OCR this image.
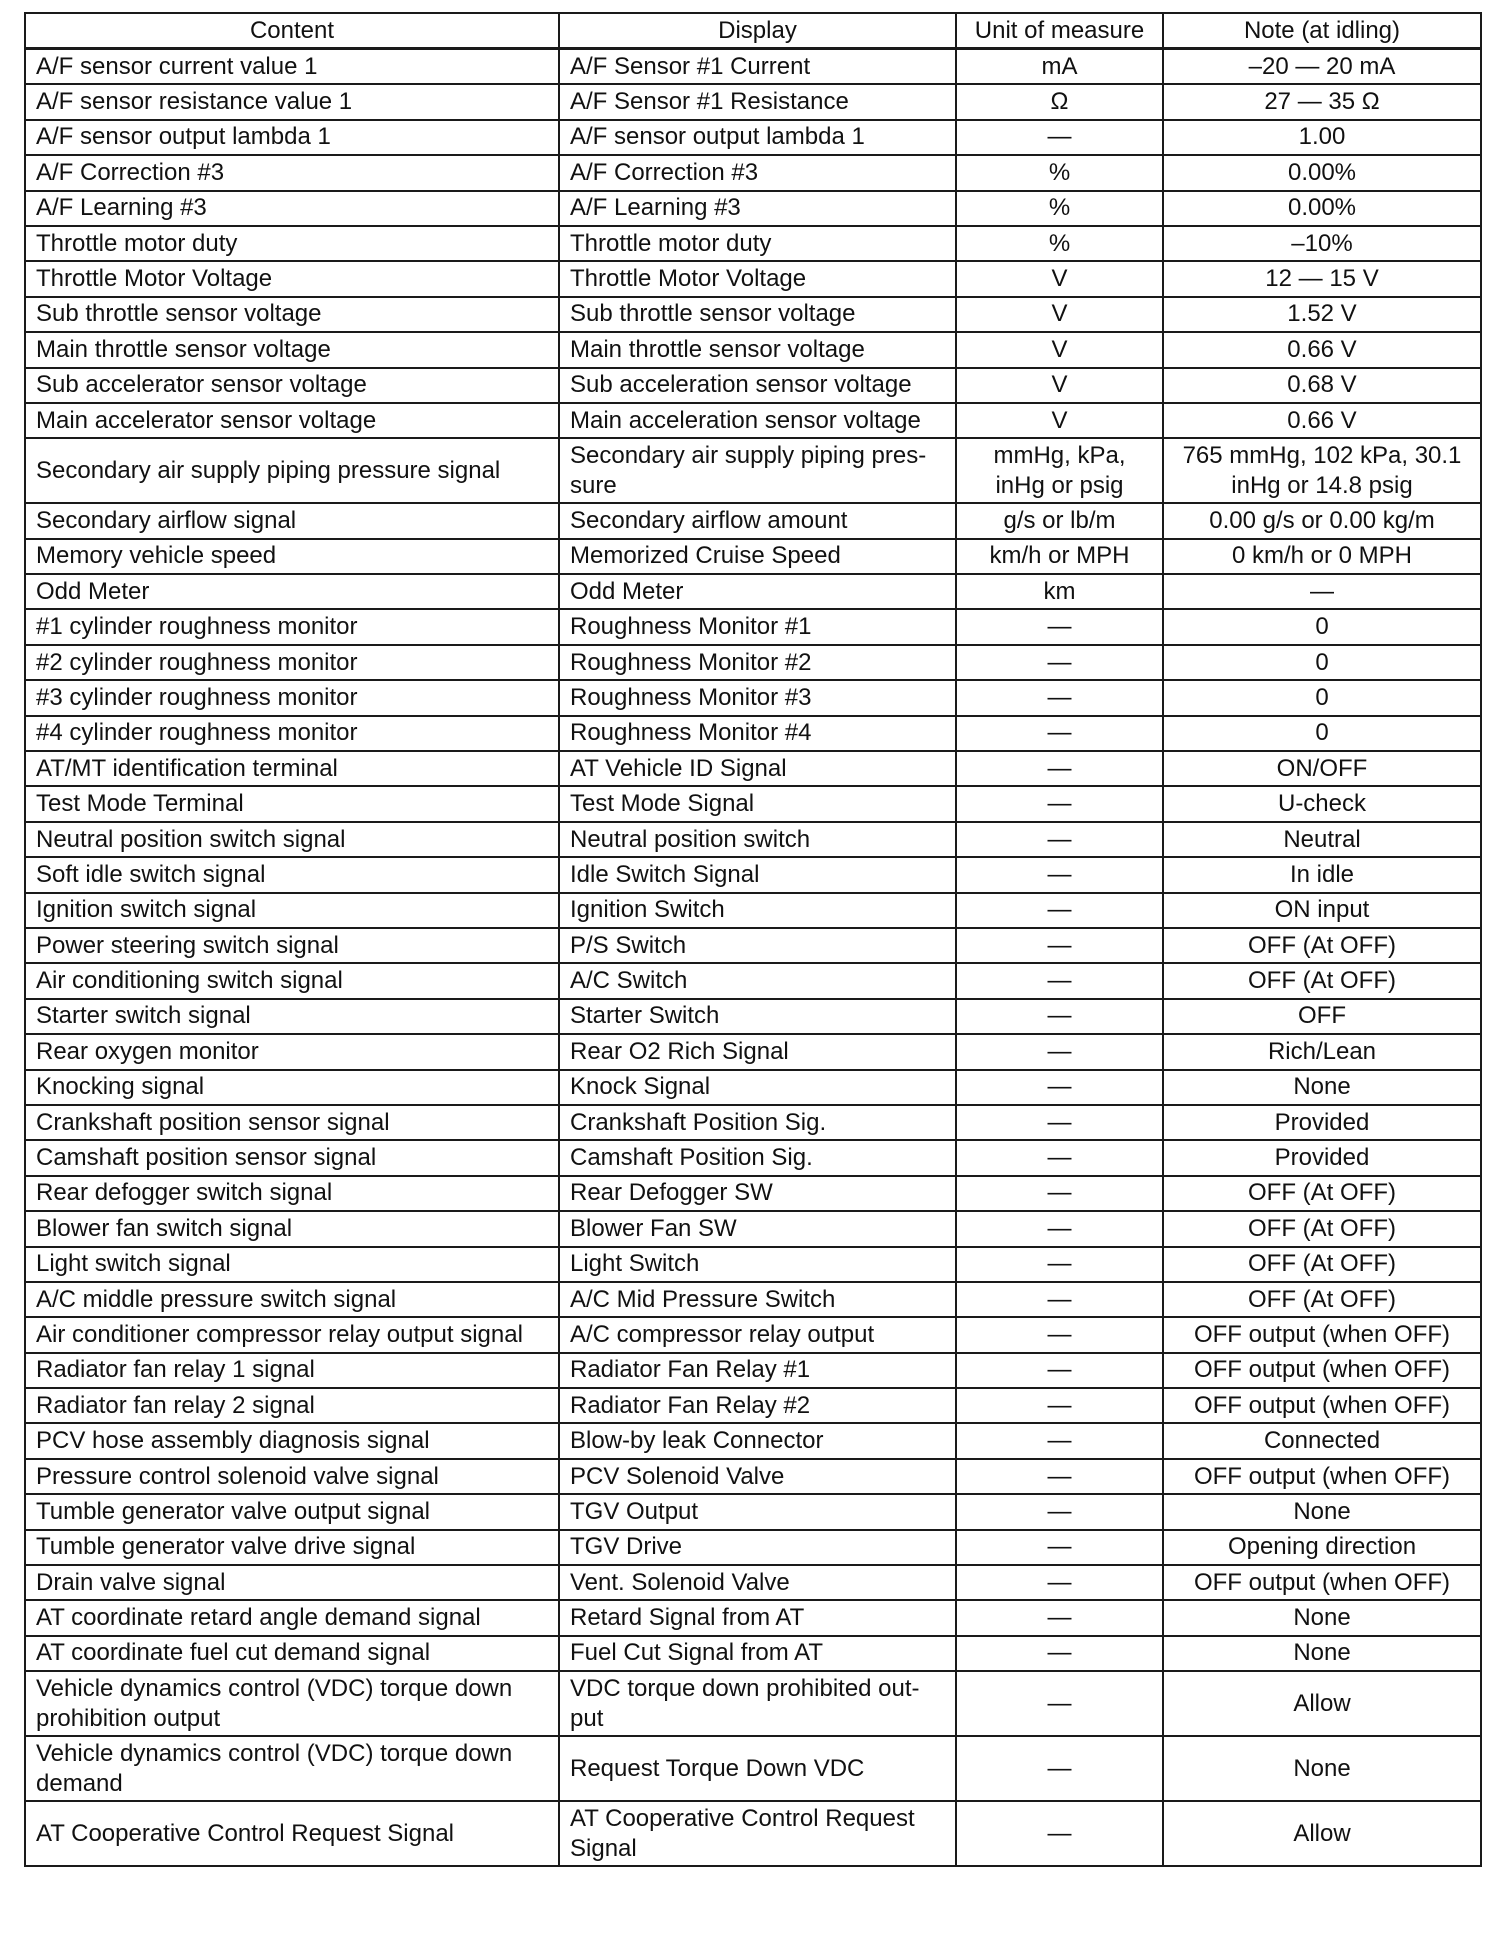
Content	Display	Unit of measure	Note (at idling)
A/F sensor current value 1	A/F Sensor #1 Current	mA	–20 — 20 mA
A/F sensor resistance value 1	A/F Sensor #1 Resistance	Ω	27 — 35 Ω
A/F sensor output lambda 1	A/F sensor output lambda 1	—	1.00
A/F Correction #3	A/F Correction #3	%	0.00%
A/F Learning #3	A/F Learning #3	%	0.00%
Throttle motor duty	Throttle motor duty	%	–10%
Throttle Motor Voltage	Throttle Motor Voltage	V	12 — 15 V
Sub throttle sensor voltage	Sub throttle sensor voltage	V	1.52 V
Main throttle sensor voltage	Main throttle sensor voltage	V	0.66 V
Sub accelerator sensor voltage	Sub acceleration sensor voltage	V	0.68 V
Main accelerator sensor voltage	Main acceleration sensor voltage	V	0.66 V
Secondary air supply piping pressure signal	Secondary air supply piping pres-sure	mmHg, kPa, inHg or psig	765 mmHg, 102 kPa, 30.1 inHg or 14.8 psig
Secondary airflow signal	Secondary airflow amount	g/s or lb/m	0.00 g/s or 0.00 kg/m
Memory vehicle speed	Memorized Cruise Speed	km/h or MPH	0 km/h or 0 MPH
Odd Meter	Odd Meter	km	—
#1 cylinder roughness monitor	Roughness Monitor #1	—	0
#2 cylinder roughness monitor	Roughness Monitor #2	—	0
#3 cylinder roughness monitor	Roughness Monitor #3	—	0
#4 cylinder roughness monitor	Roughness Monitor #4	—	0
AT/MT identification terminal	AT Vehicle ID Signal	—	ON/OFF
Test Mode Terminal	Test Mode Signal	—	U-check
Neutral position switch signal	Neutral position switch	—	Neutral
Soft idle switch signal	Idle Switch Signal	—	In idle
Ignition switch signal	Ignition Switch	—	ON input
Power steering switch signal	P/S Switch	—	OFF (At OFF)
Air conditioning switch signal	A/C Switch	—	OFF (At OFF)
Starter switch signal	Starter Switch	—	OFF
Rear oxygen monitor	Rear O2 Rich Signal	—	Rich/Lean
Knocking signal	Knock Signal	—	None
Crankshaft position sensor signal	Crankshaft Position Sig.	—	Provided
Camshaft position sensor signal	Camshaft Position Sig.	—	Provided
Rear defogger switch signal	Rear Defogger SW	—	OFF (At OFF)
Blower fan switch signal	Blower Fan SW	—	OFF (At OFF)
Light switch signal	Light Switch	—	OFF (At OFF)
A/C middle pressure switch signal	A/C Mid Pressure Switch	—	OFF (At OFF)
Air conditioner compressor relay output signal	A/C compressor relay output	—	OFF output (when OFF)
Radiator fan relay 1 signal	Radiator Fan Relay #1	—	OFF output (when OFF)
Radiator fan relay 2 signal	Radiator Fan Relay #2	—	OFF output (when OFF)
PCV hose assembly diagnosis signal	Blow-by leak Connector	—	Connected
Pressure control solenoid valve signal	PCV Solenoid Valve	—	OFF output (when OFF)
Tumble generator valve output signal	TGV Output	—	None
Tumble generator valve drive signal	TGV Drive	—	Opening direction
Drain valve signal	Vent. Solenoid Valve	—	OFF output (when OFF)
AT coordinate retard angle demand signal	Retard Signal from AT	—	None
AT coordinate fuel cut demand signal	Fuel Cut Signal from AT	—	None
Vehicle dynamics control (VDC) torque down prohibition output	VDC torque down prohibited out-put	—	Allow
Vehicle dynamics control (VDC) torque down demand	Request Torque Down VDC	—	None
AT Cooperative Control Request Signal	AT Cooperative Control Request Signal	—	Allow
